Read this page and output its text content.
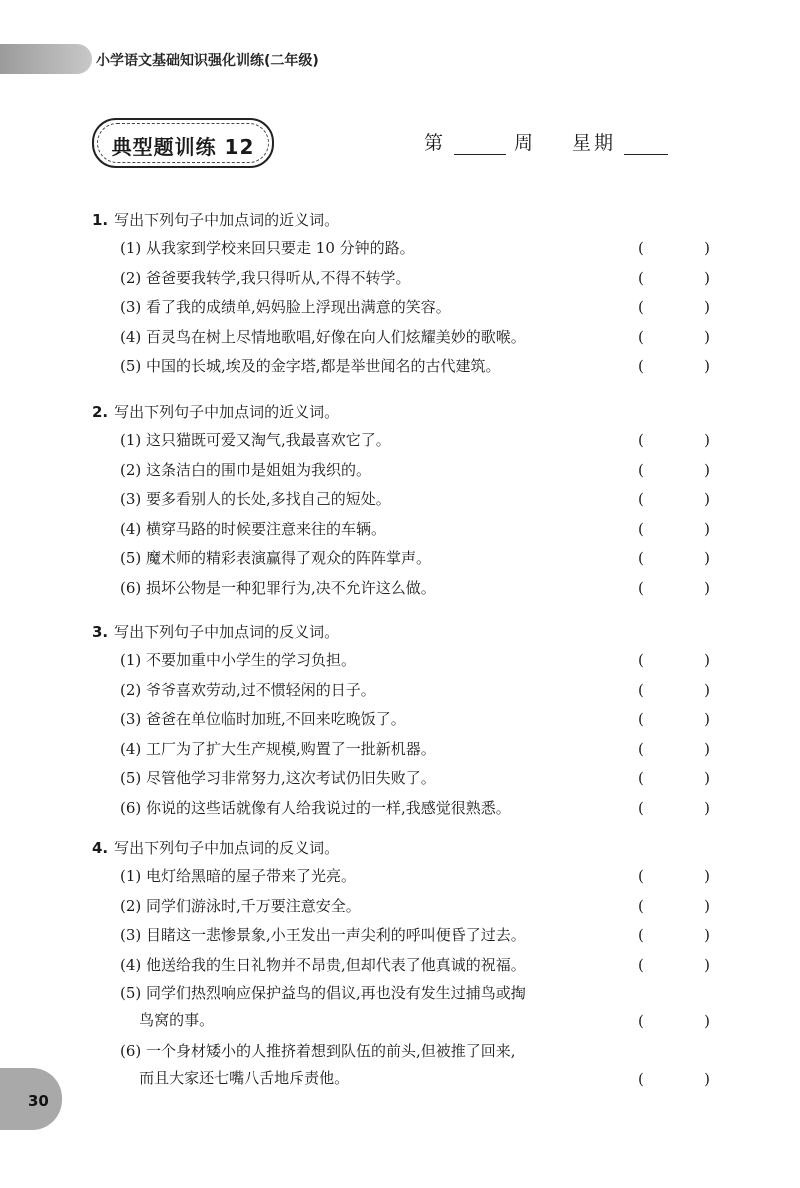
小学语文基础知识强化训练(二年级)
典型题训练 12	第	周 星期
1. 写出下列句子中加点词的近义词。
(1) 从我家到学校来回只要走 10 分钟的路。	(	)
(2) 爸爸要我转学,我只得听从,不得不转学。	(	)
(3) 看了我的成绩单,妈妈脸上浮现出满意的笑容。	(	)
(4) 百灵鸟在树上尽情地歌唱,好像在向人们炫耀美妙的歌喉。	(	)
(5) 中国的长城,埃及的金字塔,都是举世闻名的古代建筑。	(	)
2. 写出下列句子中加点词的近义词。
(1) 这只猫既可爱又淘气,我最喜欢它了。	(	)
(2) 这条洁白的围巾是姐姐为我织的。	(	)
(3) 要多看别人的长处,多找自己的短处。	(	)
(4) 横穿马路的时候要注意来往的车辆。	(	)
(5) 魔术师的精彩表演赢得了观众的阵阵掌声。	(	)
(6) 损坏公物是一种犯罪行为,决不允许这么做。	(	)
3. 写出下列句子中加点词的反义词。
(1) 不要加重中小学生的学习负担。	(	)
(2) 爷爷喜欢劳动,过不惯轻闲的日子。	(	)
(3) 爸爸在单位临时加班,不回来吃晚饭了。	(	)
(4) 工厂为了扩大生产规模,购置了一批新机器。	(	)
(5) 尽管他学习非常努力,这次考试仍旧失败了。	(	)
(6) 你说的这些话就像有人给我说过的一样,我感觉很熟悉。	(	)
4. 写出下列句子中加点词的反义词。
(1) 电灯给黑暗的屋子带来了光亮。	(	)
(2) 同学们游泳时,千万要注意安全。	(	)
(3) 目睹这一悲惨景象,小王发出一声尖利的呼叫便昏了过去。	(	)
(4) 他送给我的生日礼物并不昂贵,但却代表了他真诚的祝福。	(	)
(5) 同学们热烈响应保护益鸟的倡议,再也没有发生过捕鸟或掏
鸟窝的事。	(	)
(6) 一个身材矮小的人推挤着想到队伍的前头,但被推了回来,
而且大家还七嘴八舌地斥责他。	(	)
30
